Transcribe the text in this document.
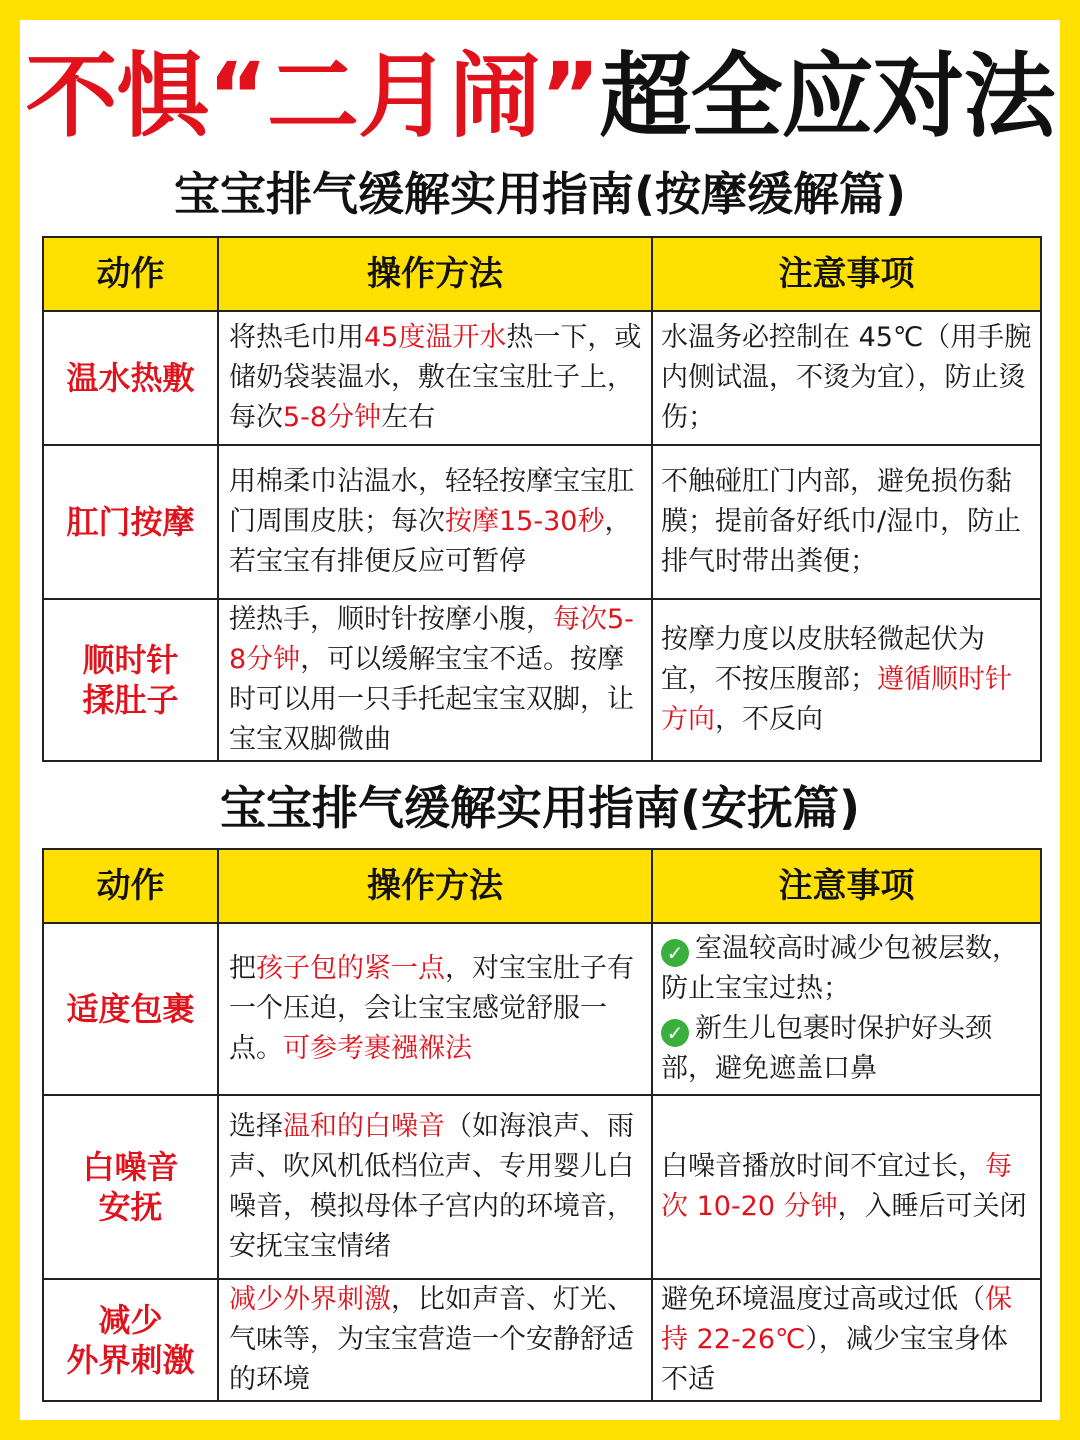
不惧“二月闹”超全应对法
宝宝排气缓解实用指南(按摩缓解篇)
动作	操作方法	注意事项
温水热敷	将热毛巾用45度温开水热一下，或储奶袋装温水，敷在宝宝肚子上，每次5-8分钟左右	水温务必控制在 45℃（用手腕内侧试温，不烫为宜），防止烫伤；
肛门按摩	用棉柔巾沾温水，轻轻按摩宝宝肛门周围皮肤；每次按摩15-30秒，若宝宝有排便反应可暂停	不触碰肛门内部，避免损伤黏膜；提前备好纸巾/湿巾，防止排气时带出粪便；
顺时针
揉肚子	搓热手，顺时针按摩小腹，每次5-8分钟，可以缓解宝宝不适。按摩时可以用一只手托起宝宝双脚，让宝宝双脚微曲	按摩力度以皮肤轻微起伏为宜，不按压腹部；遵循顺时针方向，不反向
宝宝排气缓解实用指南(安抚篇)
动作	操作方法	注意事项
适度包裹	把孩子包的紧一点，对宝宝肚子有一个压迫，会让宝宝感觉舒服一点。可参考裹襁褓法	✓ 室温较高时减少包被层数，防止宝宝过热；
✓ 新生儿包裹时保护好头颈部，避免遮盖口鼻
白噪音
安抚	选择温和的白噪音（如海浪声、雨声、吹风机低档位声、专用婴儿白噪音，模拟母体子宫内的环境音，安抚宝宝情绪	白噪音播放时间不宜过长，每次 10-20 分钟，入睡后可关闭
减少
外界刺激	减少外界刺激，比如声音、灯光、气味等，为宝宝营造一个安静舒适的环境	避免环境温度过高或过低（保持 22-26℃），减少宝宝身体不适
